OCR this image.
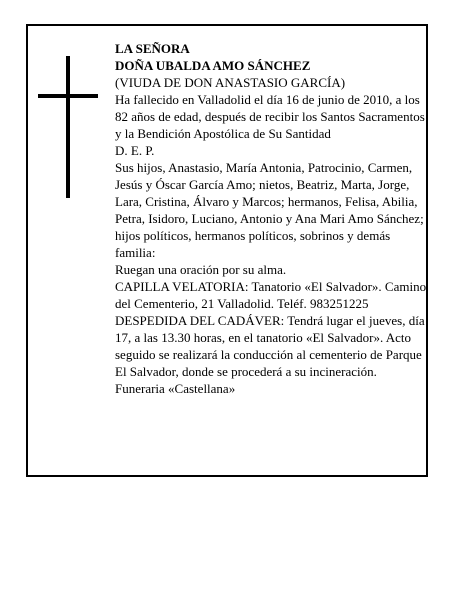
LA SEÑORA

DOÑA UBALDA AMO SÁNCHEZ

(VIUDA DE DON ANASTASIO GARCÍA)

Ha fallecido en Valladolid el día 16 de junio de 2010, a los 82 años de edad, después de recibir los Santos Sacramentos y la Bendición Apostólica de Su Santidad

D. E. P.

Sus hijos, Anastasio, María Antonia, Patrocinio, Carmen, Jesús y Óscar García Amo; nietos, Beatriz, Marta, Jorge, Lara, Cristina, Álvaro y Marcos; hermanos, Felisa, Abilia, Petra, Isidoro, Luciano, Antonio y Ana Mari Amo Sánchez; hijos políticos, hermanos políticos, sobrinos y demás familia:

Ruegan una oración por su alma.

CAPILLA VELATORIA: Tanatorio «El Salvador». Camino del Cementerio, 21 Valladolid. Teléf. 983251225

DESPEDIDA DEL CADÁVER: Tendrá lugar el jueves, día 17, a las 13.30 horas, en el tanatorio «El Salvador». Acto seguido se realizará la conducción al cementerio de Parque El Salvador, donde se procederá a su incineración.

Funeraria «Castellana»
